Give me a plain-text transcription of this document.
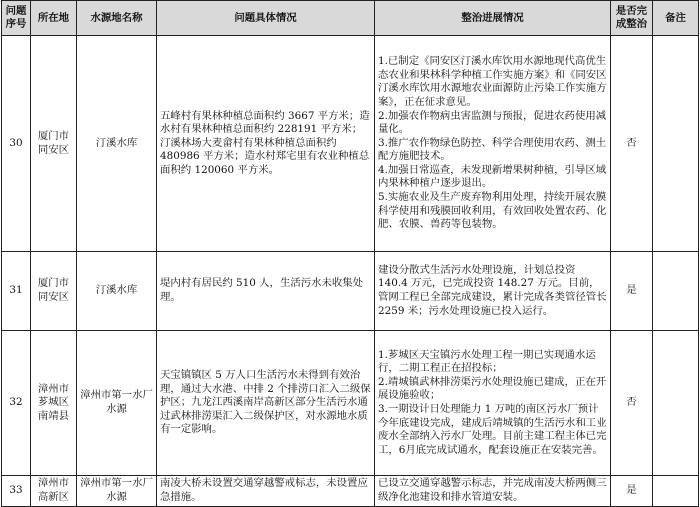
问题序号	所在地	水源地名称	问题具体情况	整治进展情况	是否完成整治	备注
30	厦门市同安区	汀溪水库	五峰村有果林种植总面积约 3667 平方米；造水村有果林种植总面积约 228191 平方米；汀溪林场大麦畲村有果林种植总面积约 480986 平方米；造水村郑宅里有农业种植总面积约 120060 平方米。	1.已制定《同安区汀溪水库饮用水源地现代高优生态农业和果林科学种植工作实施方案》和《同安区汀溪水库饮用水源地农业面源防止污染工作实施方案》，正在征求意见。
2.加强农作物病虫害监测与预报，促进农药使用减量化。
3.推广农作物绿色防控、科学合理使用农药、测土配方施肥技术。
4.加强日常巡查，未发现新增果树种植，引导区域内果林种植户逐步退出。
5.实施农业及生产废弃物利用处理，持续开展农膜科学使用和残膜回收利用，有效回收处置农药、化肥、农膜、兽药等包装物。	否	
31	厦门市同安区	汀溪水库	堤内村有居民约 510 人，生活污水未收集处理。	建设分散式生活污水处理设施，计划总投资 140.4 万元，已完成投资 148.27 万元。目前，管网工程已全部完成建设，累计完成各类管径管长 2259 米；污水处理设施已投入运行。	是	
32	漳州市芗城区南靖县	漳州市第一水厂水源	天宝镇镇区 5 万人口生活污水未得到有效治理，通过大水港、中排 2 个排涝口汇入二级保护区；九龙江西溪南岸高新区部分生活污水通过武林排涝渠汇入二级保护区，对水源地水质有一定影响。	1.芗城区天宝镇污水处理工程一期已实现通水运行，二期工程正在招投标；
2.靖城镇武林排涝渠污水处理设施已建成，正在开展设施验收；
3.一期设计日处理能力 1 万吨的南区污水厂预计今年底建设完成，建成后靖城镇的生活污水和工业废水全部纳入污水厂处理。目前主建工程主体已完工，6月底完成试通水，配套设施正在安装完善。	否	
33	漳州市高新区	漳州市第一水厂水源	南凌大桥未设置交通穿越警戒标志，未设置应急措施。	已设立交通穿越警示标志，并完成南凌大桥两侧三级净化池建设和排水管道安装。	是	
